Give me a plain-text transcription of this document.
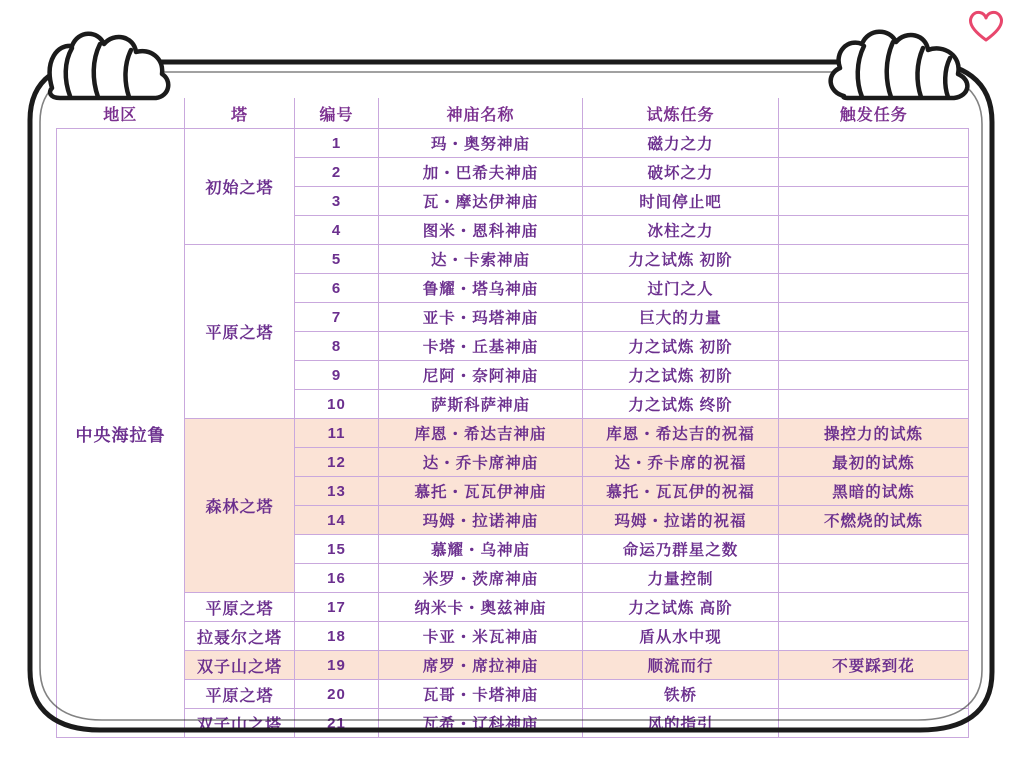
地区	塔	编号	神庙名称	试炼任务	触发任务
中央海拉鲁	初始之塔	1	玛・奥努神庙	磁力之力	
		2	加・巴希夫神庙	破坏之力	
		3	瓦・摩达伊神庙	时间停止吧	
		4	图米・恩科神庙	冰柱之力	
	平原之塔	5	达・卡索神庙	力之试炼 初阶	
		6	鲁耀・塔乌神庙	过门之人	
		7	亚卡・玛塔神庙	巨大的力量	
		8	卡塔・丘基神庙	力之试炼 初阶	
		9	尼阿・奈阿神庙	力之试炼 初阶	
		10	萨斯科萨神庙	力之试炼 终阶	
	森林之塔	11	库恩・希达吉神庙	库恩・希达吉的祝福	操控力的试炼
		12	达・乔卡席神庙	达・乔卡席的祝福	最初的试炼
		13	慕托・瓦瓦伊神庙	慕托・瓦瓦伊的祝福	黑暗的试炼
		14	玛姆・拉诺神庙	玛姆・拉诺的祝福	不燃烧的试炼
		15	慕耀・乌神庙	命运乃群星之数	
		16	米罗・茨席神庙	力量控制	
	平原之塔	17	纳米卡・奥兹神庙	力之试炼 高阶	
	拉聂尔之塔	18	卡亚・米瓦神庙	盾从水中现	
	双子山之塔	19	席罗・席拉神庙	顺流而行	不要踩到花
	平原之塔	20	瓦哥・卡塔神庙	铁桥	
	双子山之塔	21	瓦希・辽科神庙	风的指引	
